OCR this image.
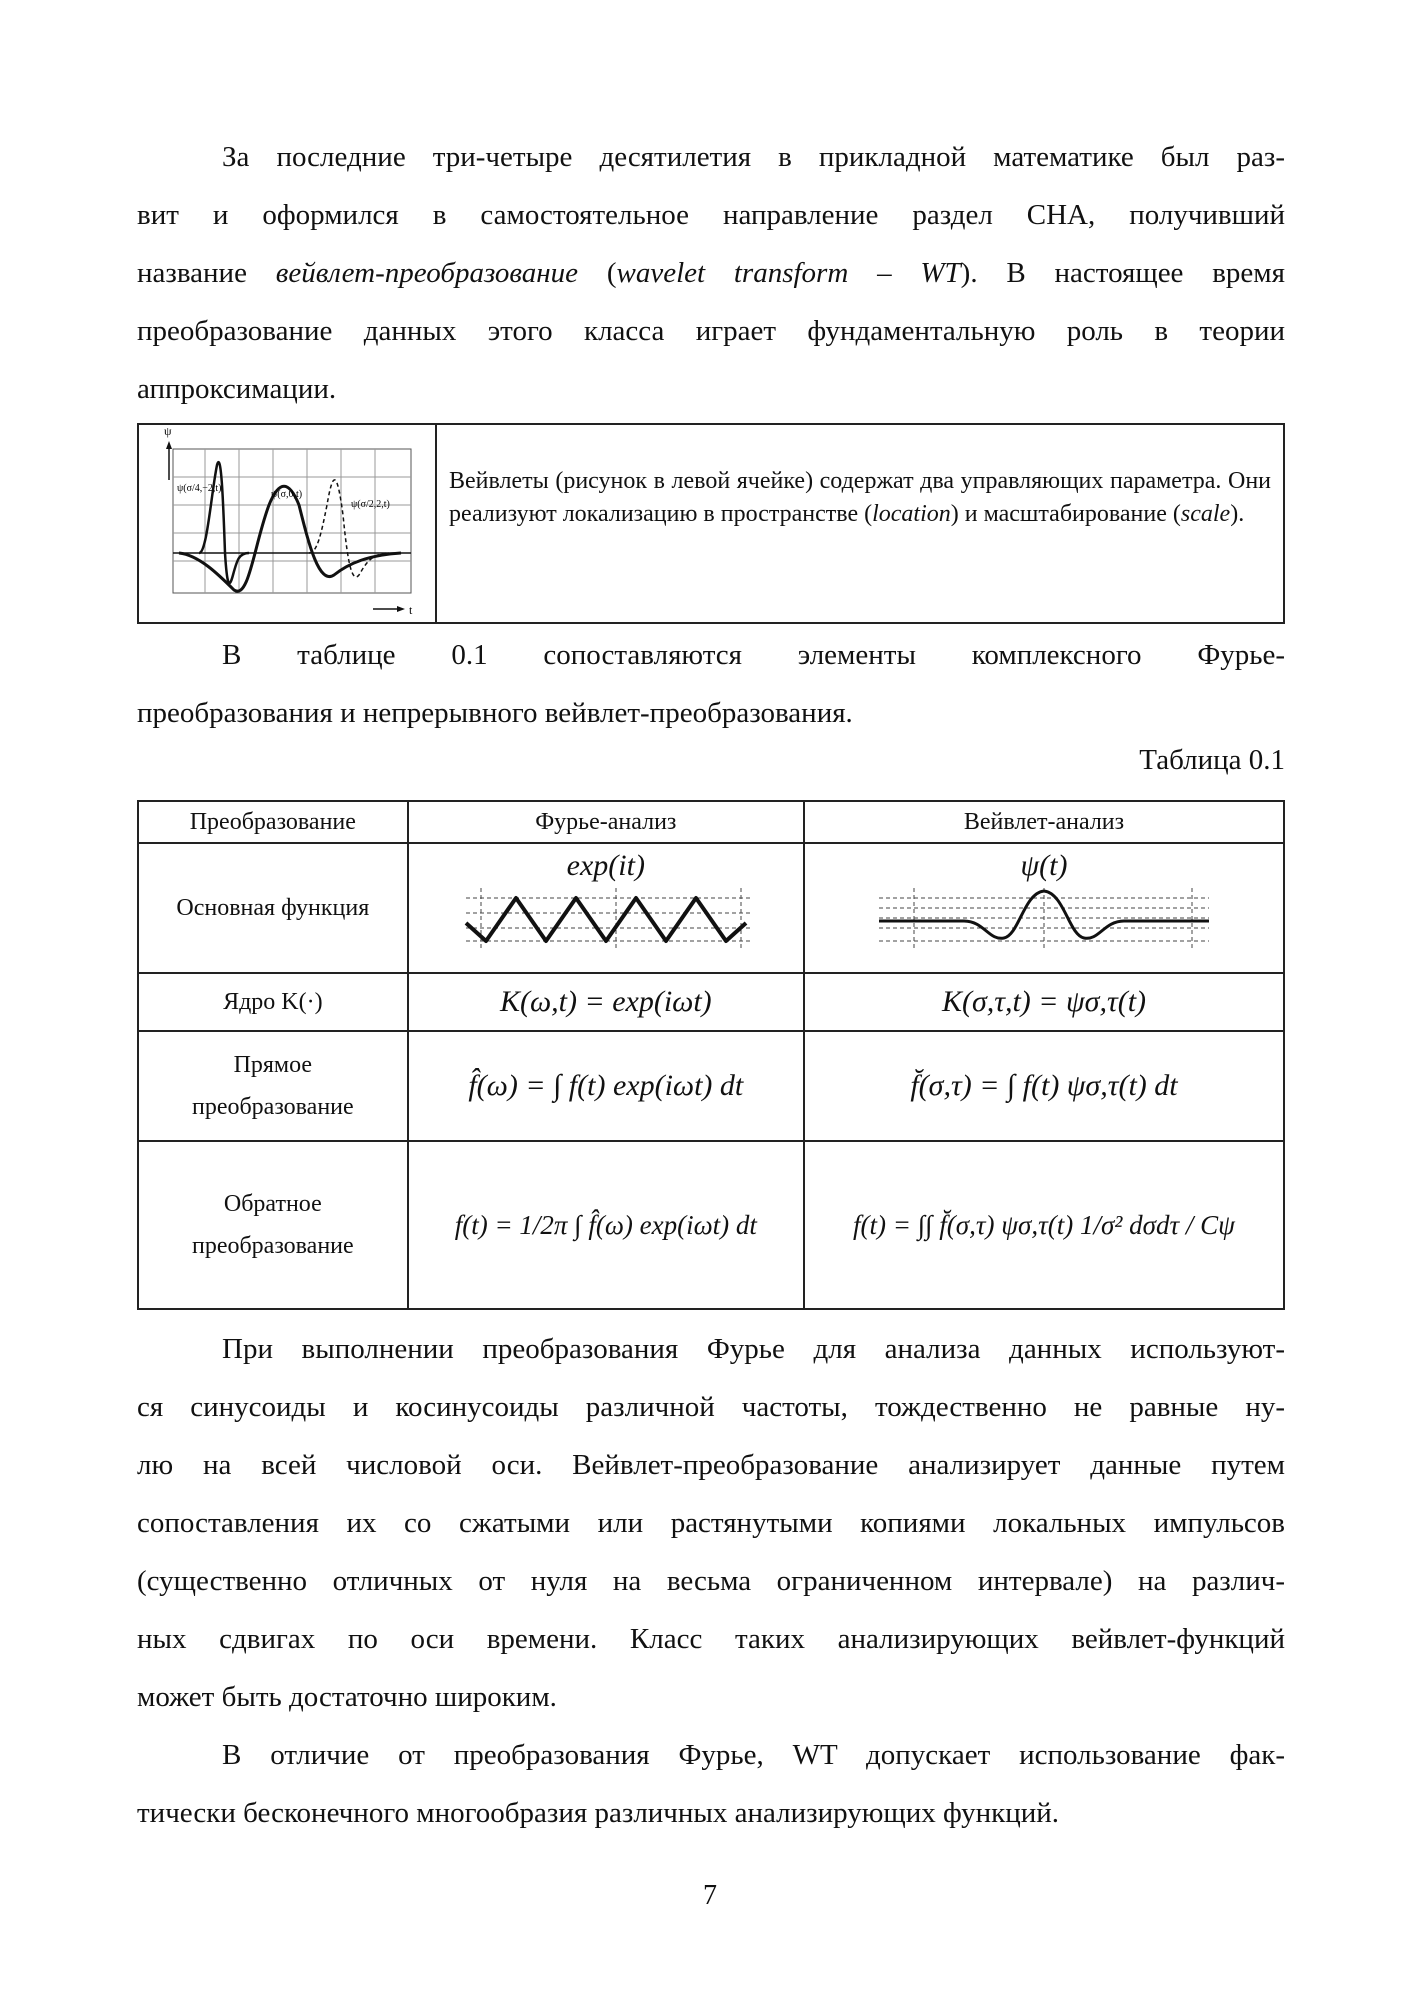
За последние три-четыре десятилетия в прикладной математике был раз-
вит и оформился в самостоятельное направление раздел СНА, получивший
название вейвлет-преобразование (wavelet transform – WT). В настоящее время
преобразование данных этого класса играет фундаментальную роль в теории
аппроксимации.
ψ
t
ψ(σ/4,−2,t)
ψ(σ,0,t)
ψ(σ/2,2,t)
Вейвлеты (рисунок в левой ячейке) содержат два управляющих параметра. Они реализуют локализацию в пространстве (location) и масштабирование (scale).
В таблице 0.1 сопоставляются элементы комплексного Фурье-
преобразования и непрерывного вейвлет-преобразования.
Таблица 0.1
Преобразование	Фурье-анализ	Вейвлет-анализ
Основная функция	exp(it)	ψ(t)

Ядро K(·)	K(ω,t) = exp(iωt)	K(σ,τ,t) = ψσ,τ(t)
Прямое преобразование	f̂(ω) = ∫ f(t) exp(iωt) dt	f̆(σ,τ) = ∫ f(t) ψσ,τ(t) dt
Обратное преобразование	f(t) = 1/2π ∫ f̂(ω) exp(iωt) dt	f(t) = ∫∫ f̆(σ,τ) ψσ,τ(t) 1/σ² dσdτ / Cψ
При выполнении преобразования Фурье для анализа данных используют-
ся синусоиды и косинусоиды различной частоты, тождественно не равные ну-
лю на всей числовой оси. Вейвлет-преобразование анализирует данные путем
сопоставления их со сжатыми или растянутыми копиями локальных импульсов
(существенно отличных от нуля на весьма ограниченном интервале) на различ-
ных сдвигах по оси времени. Класс таких анализирующих вейвлет-функций
может быть достаточно широким.
В отличие от преобразования Фурье, WT допускает использование фак-
тически бесконечного многообразия различных анализирующих функций.
7
